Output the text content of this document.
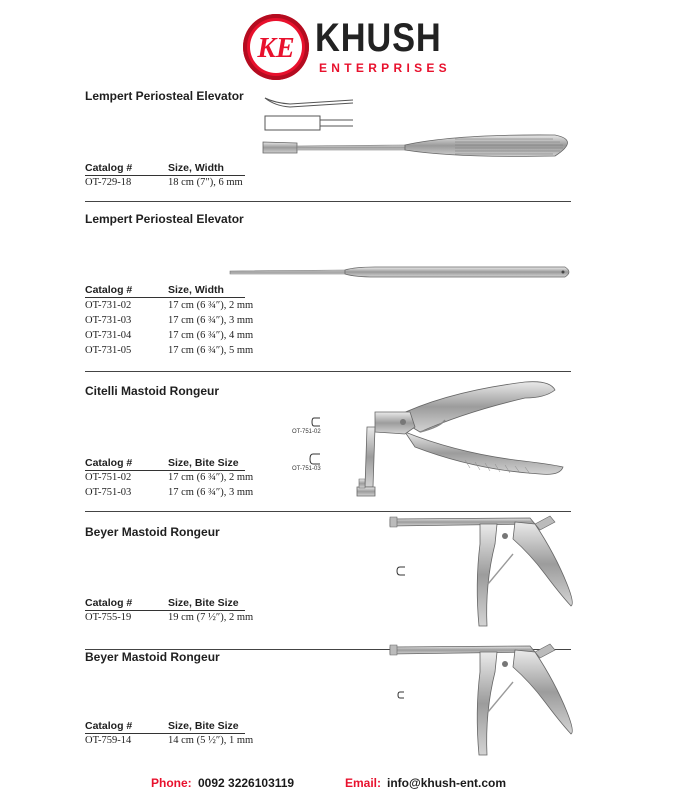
KE KHUSH
ENTERPRISES
Lempert Periosteal Elevator
Catalog #	Size, Width
OT-729-18	18 cm (7″), 6 mm
Lempert Periosteal Elevator
Catalog #	Size, Width
OT-731-02	17 cm (6 ¾″), 2 mm
OT-731-03	17 cm (6 ¾″), 3 mm
OT-731-04	17 cm (6 ¾″), 4 mm
OT-731-05	17 cm (6 ¾″), 5 mm
Citelli Mastoid Rongeur
Catalog #	Size, Bite Size
OT-751-02	17 cm (6 ¾″), 2 mm
OT-751-03	17 cm (6 ¾″), 3 mm
OT-751-02
OT-751-03
Beyer Mastoid Rongeur
Catalog #	Size, Bite Size
OT-755-19	19 cm (7 ½″), 2 mm
Beyer Mastoid Rongeur
Catalog #	Size, Bite Size
OT-759-14	14 cm (5 ½″), 1 mm
Phone: 0092 3226103119	Email: info@khush-ent.com
